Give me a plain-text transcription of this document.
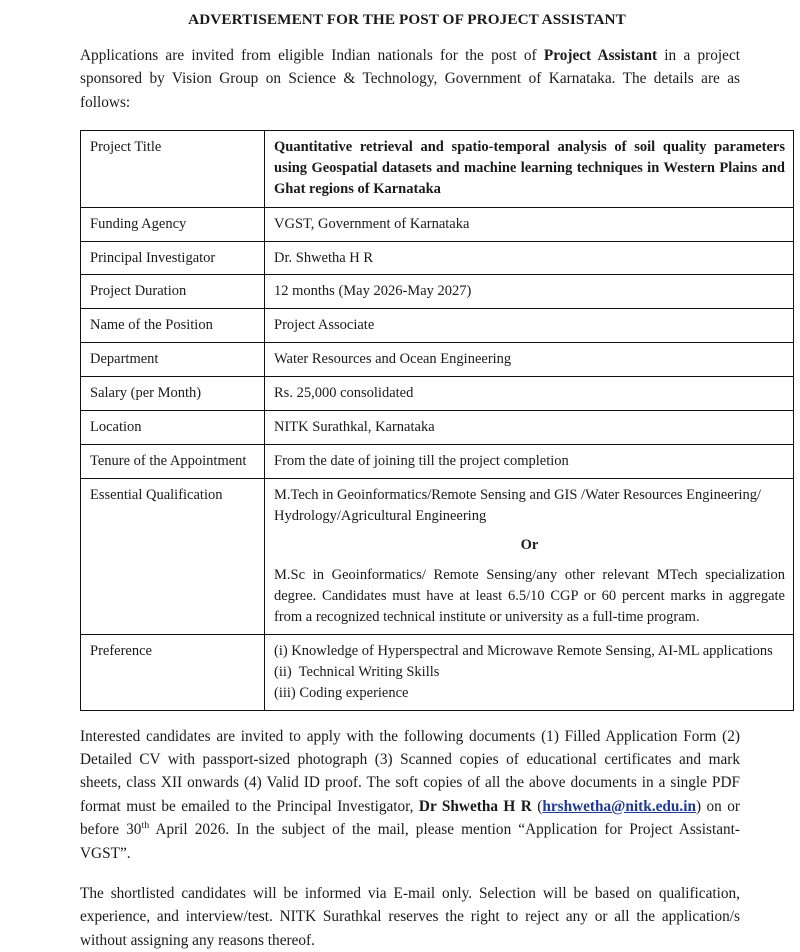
ADVERTISEMENT FOR THE POST OF PROJECT ASSISTANT

Applications are invited from eligible Indian nationals for the post of Project Assistant in a project sponsored by Vision Group on Science & Technology, Government of Karnataka. The details are as follows:

Project Title	Quantitative retrieval and spatio-temporal analysis of soil quality parameters using Geospatial datasets and machine learning techniques in Western Plains and Ghat regions of Karnataka

Funding Agency	VGST, Government of Karnataka
Principal Investigator	Dr. Shwetha H R
Project Duration	12 months (May 2026-May 2027)
Name of the Position	Project Associate
Department	Water Resources and Ocean Engineering
Salary (per Month)	Rs. 25,000 consolidated
Location	NITK Surathkal, Karnataka
Tenure of the Appointment	From the date of joining till the project completion
Essential Qualification	M.Tech in Geoinformatics/Remote Sensing and GIS /Water Resources Engineering/ Hydrology/Agricultural Engineering
Or
M.Sc in Geoinformatics/ Remote Sensing/any other relevant MTech specialization degree. Candidates must have at least 6.5/10 CGP or 60 percent marks in aggregate from a recognized technical institute or university as a full-time program.

Preference	(i) Knowledge of Hyperspectral and Microwave Remote Sensing, AI-ML applications
(ii)  Technical Writing Skills
(iii) Coding experience

Interested candidates are invited to apply with the following documents (1) Filled Application Form (2) Detailed CV with passport-sized photograph (3) Scanned copies of educational certificates and mark sheets, class XII onwards (4) Valid ID proof. The soft copies of all the above documents in a single PDF format must be emailed to the Principal Investigator, Dr Shwetha H R (hrshwetha@nitk.edu.in) on or before 30th April 2026. In the subject of the mail, please mention “Application for Project Assistant-VGST”.

The shortlisted candidates will be informed via E-mail only. Selection will be based on qualification, experience, and interview/test. NITK Surathkal reserves the right to reject any or all the application/s without assigning any reasons thereof.
